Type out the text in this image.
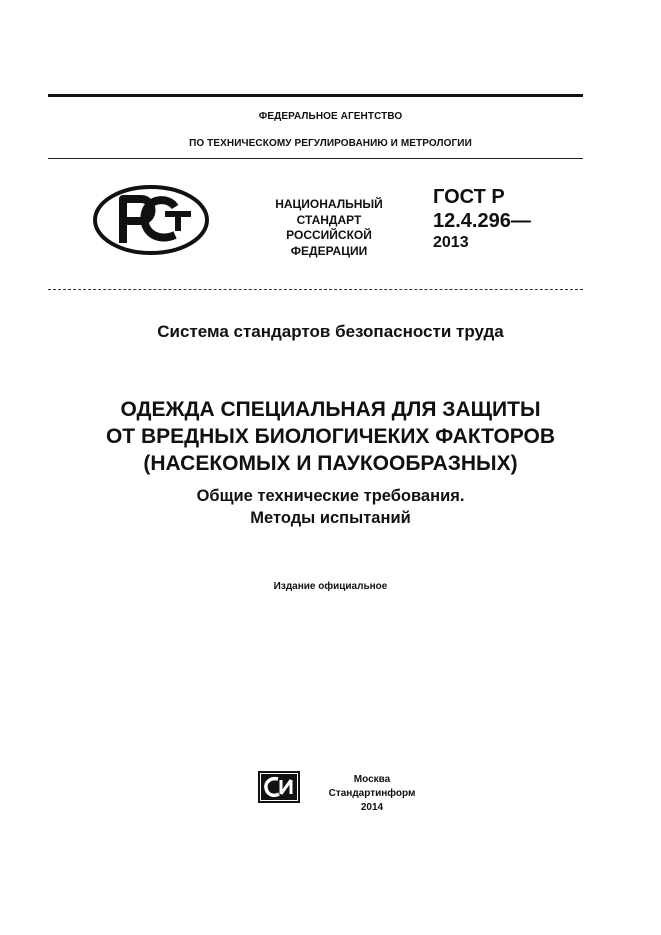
ФЕДЕРАЛЬНОЕ АГЕНТСТВО
ПО ТЕХНИЧЕСКОМУ РЕГУЛИРОВАНИЮ И МЕТРОЛОГИИ
НАЦИОНАЛЬНЫЙ
СТАНДАРТ
РОССИЙСКОЙ
ФЕДЕРАЦИИ
ГОСТ Р
12.4.296—
2013
Система стандартов безопасности труда
ОДЕЖДА СПЕЦИАЛЬНАЯ ДЛЯ ЗАЩИТЫ
ОТ ВРЕДНЫХ БИОЛОГИЧЕКИХ ФАКТОРОВ
(НАСЕКОМЫХ И ПАУКООБРАЗНЫХ)
Общие технические требования.
Методы испытаний
Издание официальное
Москва
Стандартинформ
2014
